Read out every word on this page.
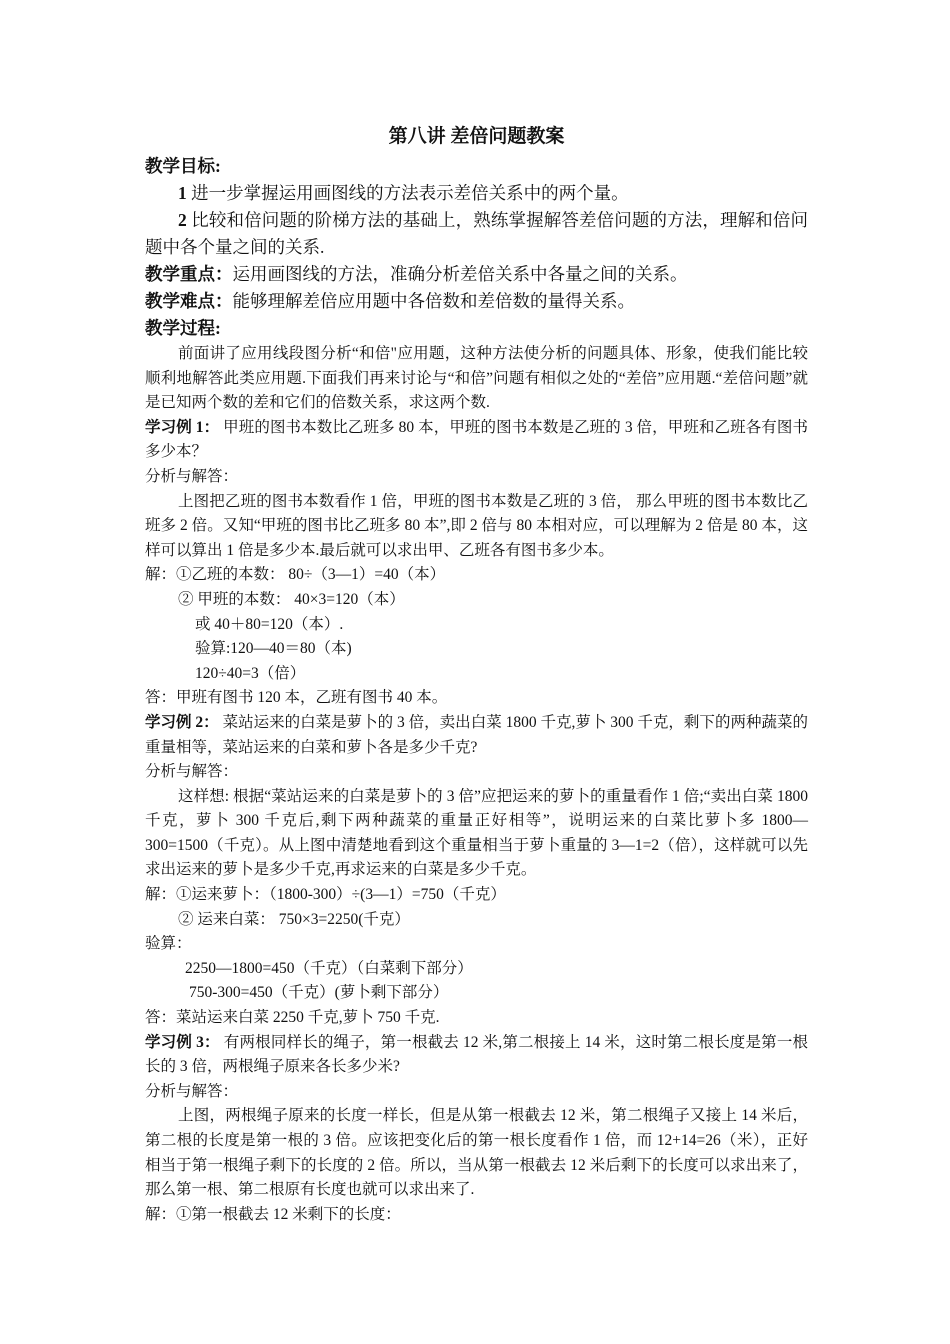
第八讲 差倍问题教案

教学目标:

1 进一步掌握运用画图线的方法表示差倍关系中的两个量。

2 比较和倍问题的阶梯方法的基础上，熟练掌握解答差倍问题的方法，理解和倍问题中各个量之间的关系.

教学重点：运用画图线的方法，准确分析差倍关系中各量之间的关系。

教学难点：能够理解差倍应用题中各倍数和差倍数的量得关系。

教学过程:

前面讲了应用线段图分析“和倍"应用题，这种方法使分析的问题具体、形象，使我们能比较顺利地解答此类应用题.下面我们再来讨论与“和倍”问题有相似之处的“差倍”应用题.“差倍问题”就是已知两个数的差和它们的倍数关系，求这两个数.

学习例 1： 甲班的图书本数比乙班多 80 本，甲班的图书本数是乙班的 3 倍，甲班和乙班各有图书多少本？

分析与解答：

上图把乙班的图书本数看作 1 倍，甲班的图书本数是乙班的 3 倍， 那么甲班的图书本数比乙班多 2 倍。又知“甲班的图书比乙班多 80 本”,即 2 倍与 80 本相对应，可以理解为 2 倍是 80 本，这样可以算出 1 倍是多少本.最后就可以求出甲、乙班各有图书多少本。

解：①乙班的本数： 80÷（3—1）=40（本）

② 甲班的本数： 40×3=120（本）

或 40＋80=120（本）.

验算:120—40＝80（本)

120÷40=3（倍）

答：甲班有图书 120 本，乙班有图书 40 本。

学习例 2： 菜站运来的白菜是萝卜的 3 倍，卖出白菜 1800 千克,萝卜 300 千克，剩下的两种蔬菜的重量相等，菜站运来的白菜和萝卜各是多少千克?

分析与解答：

这样想: 根据“菜站运来的白菜是萝卜的 3 倍”应把运来的萝卜的重量看作 1 倍;“卖出白菜 1800 千克，萝卜 300 千克后,剩下两种蔬菜的重量正好相等”，说明运来的白菜比萝卜多 1800—300=1500（千克）。从上图中清楚地看到这个重量相当于萝卜重量的 3—1=2（倍），这样就可以先求出运来的萝卜是多少千克,再求运来的白菜是多少千克。

解：①运来萝卜：（1800-300）÷(3—1）=750（千克）

② 运来白菜： 750×3=2250(千克）

验算：

2250—1800=450（千克）（白菜剩下部分）

750-300=450（千克）(萝卜剩下部分）

答：菜站运来白菜 2250 千克,萝卜 750 千克.

学习例 3： 有两根同样长的绳子，第一根截去 12 米,第二根接上 14 米，这时第二根长度是第一根长的 3 倍，两根绳子原来各长多少米?

分析与解答：

上图，两根绳子原来的长度一样长，但是从第一根截去 12 米，第二根绳子又接上 14 米后，第二根的长度是第一根的 3 倍。应该把变化后的第一根长度看作 1 倍，而 12+14=26（米），正好相当于第一根绳子剩下的长度的 2 倍。所以，当从第一根截去 12 米后剩下的长度可以求出来了，那么第一根、第二根原有长度也就可以求出来了.

解：①第一根截去 12 米剩下的长度：
